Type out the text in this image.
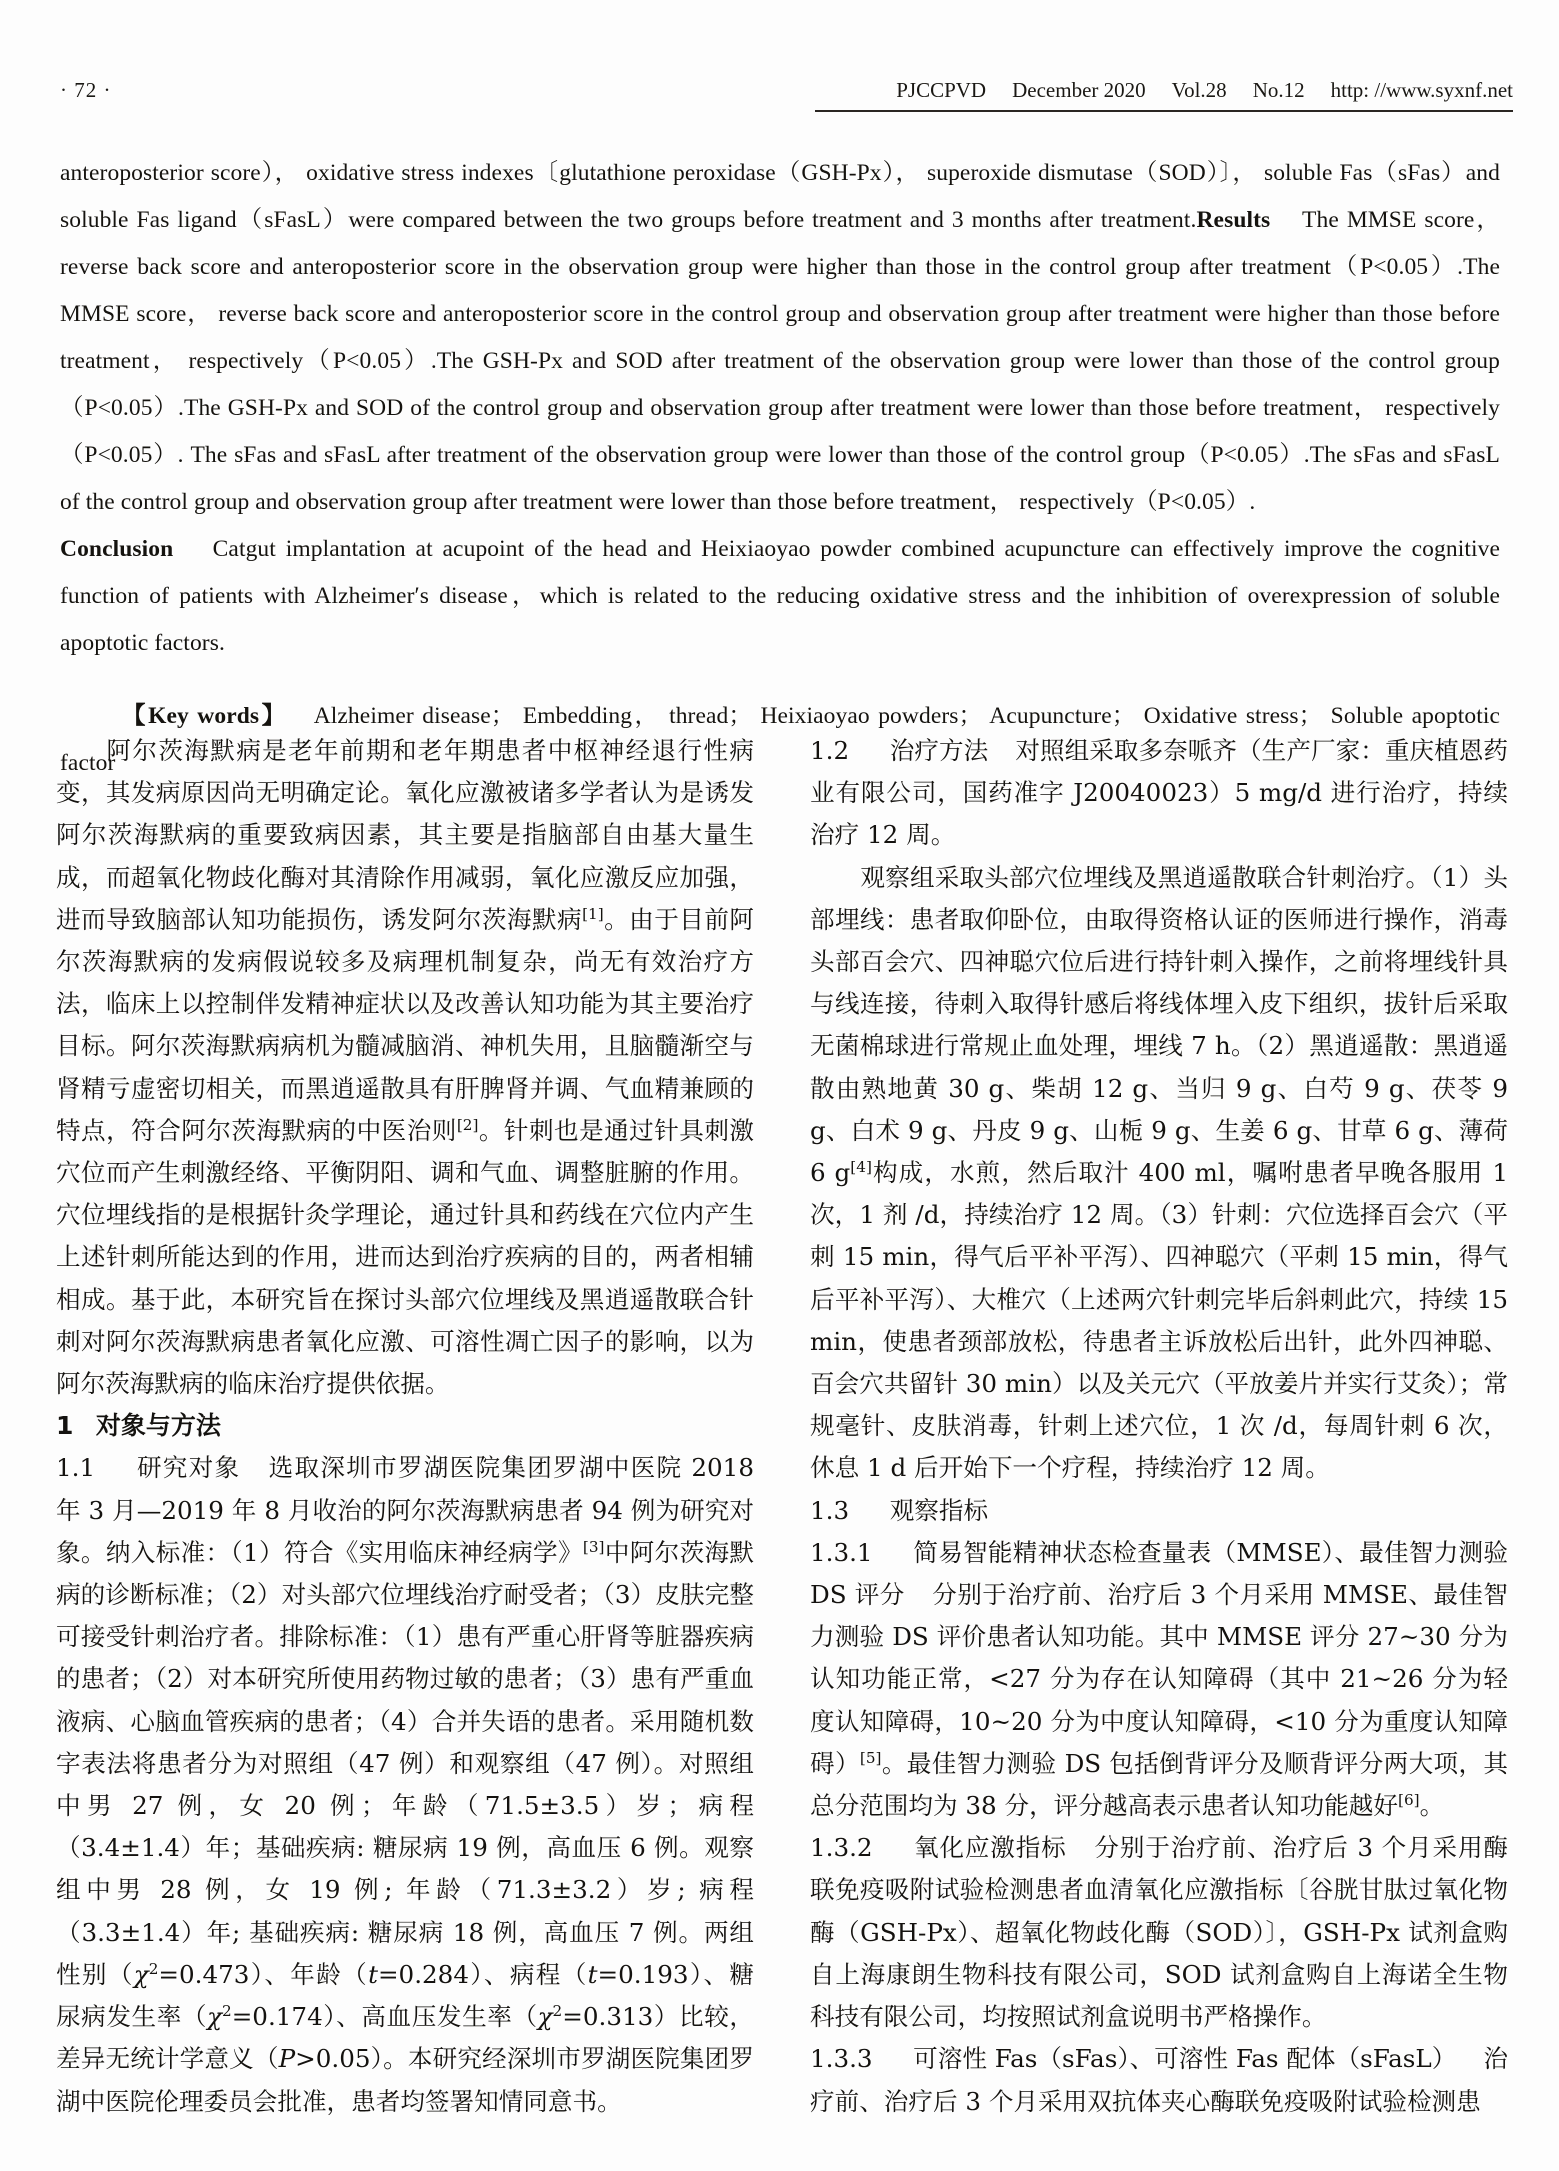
· 72 ·	PJCCPVD December 2020 Vol.28 No.12 http: //www.syxnf.net

anteroposterior score）， oxidative stress indexes〔glutathione peroxidase（GSH-Px）， superoxide dismutase（SOD）〕， soluble Fas（sFas）and soluble Fas ligand（sFasL）were compared between the two groups before treatment and 3 months after treatment.Results The MMSE score， reverse back score and anteroposterior score in the observation group were higher than those in the control group after treatment（P<0.05）.The MMSE score， reverse back score and anteroposterior score in the control group and observation group after treatment were higher than those before treatment， respectively（P<0.05）.The GSH-Px and SOD after treatment of the observation group were lower than those of the control group（P<0.05）.The GSH-Px and SOD of the control group and observation group after treatment were lower than those before treatment， respectively（P<0.05）. The sFas and sFasL after treatment of the observation group were lower than those of the control group（P<0.05）.The sFas and sFasL of the control group and observation group after treatment were lower than those before treatment， respectively（P<0.05）.

Conclusion Catgut implantation at acupoint of the head and Heixiaoyao powder combined acupuncture can effectively improve the cognitive function of patients with Alzheimer′s disease，which is related to the reducing oxidative stress and the inhibition of overexpression of soluble apoptotic factors.

【Key words】 Alzheimer disease； Embedding， thread； Heixiaoyao powders； Acupuncture； Oxidative stress； Soluble apoptotic factor

阿尔茨海默病是老年前期和老年期患者中枢神经退行性病变，其发病原因尚无明确定论。氧化应激被诸多学者认为是诱发阿尔茨海默病的重要致病因素，其主要是指脑部自由基大量生成，而超氧化物歧化酶对其清除作用减弱，氧化应激反应加强，进而导致脑部认知功能损伤，诱发阿尔茨海默病[1]。由于目前阿尔茨海默病的发病假说较多及病理机制复杂，尚无有效治疗方法，临床上以控制伴发精神症状以及改善认知功能为其主要治疗目标。阿尔茨海默病病机为髓减脑消、神机失用，且脑髓渐空与肾精亏虚密切相关，而黑逍遥散具有肝脾肾并调、气血精兼顾的特点，符合阿尔茨海默病的中医治则[2]。针刺也是通过针具刺激穴位而产生刺激经络、平衡阴阳、调和气血、调整脏腑的作用。穴位埋线指的是根据针灸学理论，通过针具和药线在穴位内产生上述针刺所能达到的作用，进而达到治疗疾病的目的，两者相辅相成。基于此，本研究旨在探讨头部穴位埋线及黑逍遥散联合针刺对阿尔茨海默病患者氧化应激、可溶性凋亡因子的影响，以为阿尔茨海默病的临床治疗提供依据。

1 对象与方法

1.1 研究对象 选取深圳市罗湖医院集团罗湖中医院 2018 年 3 月—2019 年 8 月收治的阿尔茨海默病患者 94 例为研究对象。纳入标准：（1）符合《实用临床神经病学》[3]中阿尔茨海默病的诊断标准；（2）对头部穴位埋线治疗耐受者；（3）皮肤完整可接受针刺治疗者。排除标准：（1）患有严重心肝肾等脏器疾病的患者；（2）对本研究所使用药物过敏的患者；（3）患有严重血液病、心脑血管疾病的患者；（4）合并失语的患者。采用随机数字表法将患者分为对照组（47 例）和观察组（47 例）。对照组中男 27 例，女 20 例；年龄（71.5±3.5）岁；病程（3.4±1.4）年；基础疾病: 糖尿病 19 例，高血压 6 例。观察组中男 28 例，女 19 例; 年龄（71.3±3.2）岁; 病程（3.3±1.4）年; 基础疾病: 糖尿病 18 例，高血压 7 例。两组性别$(\chi^2=0.473)$、年龄（t=0.284）、病程（t=0.193）、糖尿病发生率$(\chi^2=0.174)$、高血压发生率$(\chi^2=0.313)$比较，差异无统计学意义（P>0.05）。本研究经深圳市罗湖医院集团罗湖中医院伦理委员会批准，患者均签署知情同意书。

1.2 治疗方法 对照组采取多奈哌齐（生产厂家：重庆植恩药业有限公司，国药准字 J20040023）5 mg/d 进行治疗，持续治疗 12 周。

观察组采取头部穴位埋线及黑逍遥散联合针刺治疗。（1）头部埋线：患者取仰卧位，由取得资格认证的医师进行操作，消毒头部百会穴、四神聪穴位后进行持针刺入操作，之前将埋线针具与线连接，待刺入取得针感后将线体埋入皮下组织，拔针后采取无菌棉球进行常规止血处理，埋线 7 h。（2）黑逍遥散：黑逍遥散由熟地黄 30 g、柴胡 12 g、当归 9 g、白芍 9 g、茯苓 9 g、白术 9 g、丹皮 9 g、山栀 9 g、生姜 6 g、甘草 6 g、薄荷 6 g[4]构成，水煎，然后取汁 400 ml，嘱咐患者早晚各服用 1 次，1 剂 /d，持续治疗 12 周。（3）针刺：穴位选择百会穴（平刺 15 min，得气后平补平泻）、四神聪穴（平刺 15 min，得气后平补平泻）、大椎穴（上述两穴针刺完毕后斜刺此穴，持续 15 min，使患者颈部放松，待患者主诉放松后出针，此外四神聪、百会穴共留针 30 min）以及关元穴（平放姜片并实行艾灸）；常规毫针、皮肤消毒，针刺上述穴位，1 次 /d，每周针刺 6 次，休息 1 d 后开始下一个疗程，持续治疗 12 周。

1.3 观察指标

1.3.1 简易智能精神状态检查量表（MMSE）、最佳智力测验 DS 评分 分别于治疗前、治疗后 3 个月采用 MMSE、最佳智力测验 DS 评价患者认知功能。其中 MMSE 评分 27~30 分为认知功能正常，<27 分为存在认知障碍（其中 21~26 分为轻度认知障碍，10~20 分为中度认知障碍，<10 分为重度认知障碍）[5]。最佳智力测验 DS 包括倒背评分及顺背评分两大项，其总分范围均为 38 分，评分越高表示患者认知功能越好[6]。

1.3.2 氧化应激指标 分别于治疗前、治疗后 3 个月采用酶联免疫吸附试验检测患者血清氧化应激指标〔谷胱甘肽过氧化物酶（GSH-Px）、超氧化物歧化酶（SOD）〕，GSH-Px 试剂盒购自上海康朗生物科技有限公司，SOD 试剂盒购自上海诺全生物科技有限公司，均按照试剂盒说明书严格操作。

1.3.3 可溶性 Fas（sFas）、可溶性 Fas 配体（sFasL） 治疗前、治疗后 3 个月采用双抗体夹心酶联免疫吸附试验检测患
